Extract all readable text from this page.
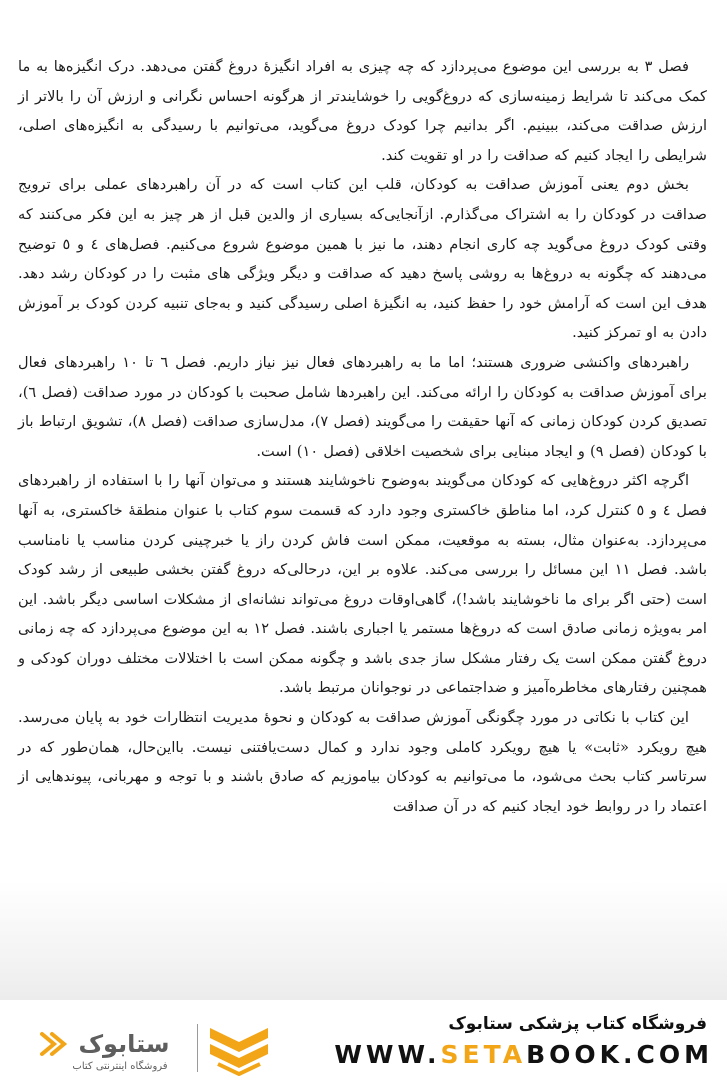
فصل ۳ به بررسی این موضوع می‌پردازد که چه چیزی به افراد انگیزهٔ دروغ گفتن می‌دهد. درک انگیزه‌ها به ما کمک می‌کند تا شرایط زمینه‌سازی که دروغ‌گویی را خوشایندتر از هرگونه احساس نگرانی و ارزش آن را بالاتر از ارزش صداقت می‌کند، ببینیم. اگر بدانیم چرا کودک دروغ می‌گوید، می‌توانیم با رسیدگی به انگیزه‌های اصلی، شرایطی را ایجاد کنیم که صداقت را در او تقویت کند.

بخش دوم یعنی آموزش صداقت به کودکان، قلب این کتاب است که در آن راهبردهای عملی برای ترویج صداقت در کودکان را به اشتراک می‌گذارم. ازآنجایی‌که بسیاری از والدین قبل از هر چیز به این فکر می‌کنند که وقتی کودک دروغ می‌گوید چه کاری انجام دهند، ما نیز با همین موضوع شروع می‌کنیم. فصل‌های ٤ و ٥ توضیح می‌دهند که چگونه به دروغ‌ها به روشی پاسخ دهید که صداقت و دیگر ویژگی های مثبت را در کودکان رشد دهد. هدف این است که آرامش خود را حفظ کنید، به انگیزهٔ اصلی رسیدگی کنید و به‌جای تنبیه کردن کودک بر آموزش دادن به او تمرکز کنید.

راهبردهای واکنشی ضروری هستند؛ اما ما به راهبردهای فعال نیز نیاز داریم. فصل ٦ تا ١٠ راهبردهای فعال برای آموزش صداقت به کودکان را ارائه می‌کند. این راهبردها شامل صحبت با کودکان در مورد صداقت (فصل ٦)، تصدیق کردن کودکان زمانی که آنها حقیقت را می‌گویند (فصل ٧)، مدل‌سازی صداقت (فصل ٨)، تشویق ارتباط باز با کودکان (فصل ٩) و ایجاد مبنایی برای شخصیت اخلاقی (فصل ١٠) است.

اگرچه اکثر دروغ‌هایی که کودکان می‌گویند به‌وضوح ناخوشایند هستند و می‌توان آنها را با استفاده از راهبردهای فصل ٤ و ٥ کنترل کرد، اما مناطق خاکستری وجود دارد که قسمت سوم کتاب با عنوان منطقهٔ خاکستری، به آنها می‌پردازد. به‌عنوان مثال، بسته به موقعیت، ممکن است فاش کردن راز یا خبرچینی کردن مناسب یا نامناسب باشد. فصل ١١ این مسائل را بررسی می‌کند. علاوه بر این، درحالی‌که دروغ گفتن بخشی طبیعی از رشد کودک است (حتی اگر برای ما ناخوشایند باشد!)، گاهی‌اوقات دروغ می‌تواند نشانه‌ای از مشکلات اساسی دیگر باشد. این امر به‌ویژه زمانی صادق است که دروغ‌ها مستمر یا اجباری باشند. فصل ١٢ به این موضوع می‌پردازد که چه زمانی دروغ گفتن ممکن است یک رفتار مشکل ساز جدی باشد و چگونه ممکن است با اختلالات مختلف دوران کودکی و همچنین رفتارهای مخاطره‌آمیز و ضداجتماعی در نوجوانان مرتبط باشد.

این کتاب با نکاتی در مورد چگونگی آموزش صداقت به کودکان و نحوهٔ مدیریت انتظارات خود به پایان می‌رسد. هیچ رویکرد «ثابت» یا هیچ رویکرد کاملی وجود ندارد و کمال دست‌یافتنی نیست. بااین‌حال، همان‌طور که در سرتاسر کتاب بحث می‌شود، ما می‌توانیم به کودکان بیاموزیم که صادق باشند و با توجه و مهربانی، پیوندهایی از اعتماد را در روابط خود ایجاد کنیم که در آن صداقت

ستابوک
فروشگاه اینترنتی کتاب
فروشگاه کتاب پزشکی ستابوک
WWW.SETABOOK.COM
